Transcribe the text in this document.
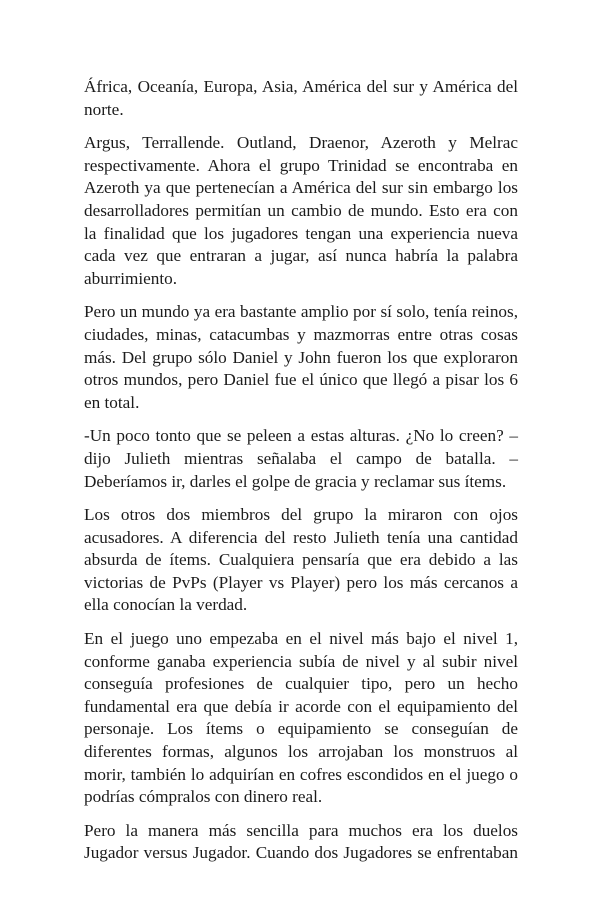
África, Oceanía, Europa, Asia, América del sur y América del norte.

Argus, Terrallende. Outland, Draenor, Azeroth y Melrac respectivamente. Ahora el grupo Trinidad se encontraba en Azeroth ya que pertenecían a América del sur sin embargo los desarrolladores permitían un cambio de mundo. Esto era con la finalidad que los jugadores tengan una experiencia nueva cada vez que entraran a jugar, así nunca habría la palabra aburrimiento.

Pero un mundo ya era bastante amplio por sí solo, tenía reinos, ciudades, minas, catacumbas y mazmorras entre otras cosas más. Del grupo sólo Daniel y John fueron los que exploraron otros mundos, pero Daniel fue el único que llegó a pisar los 6 en total.

-Un poco tonto que se peleen a estas alturas. ¿No lo creen? –dijo Julieth mientras señalaba el campo de batalla. –Deberíamos ir, darles el golpe de gracia y reclamar sus ítems.

Los otros dos miembros del grupo la miraron con ojos acusadores. A diferencia del resto Julieth tenía una cantidad absurda de ítems. Cualquiera pensaría que era debido a las victorias de PvPs (Player vs Player) pero los más cercanos a ella conocían la verdad.

En el juego uno empezaba en el nivel más bajo el nivel 1, conforme ganaba experiencia subía de nivel y al subir nivel conseguía profesiones de cualquier tipo, pero un hecho fundamental era que debía ir acorde con el equipamiento del personaje. Los ítems o equipamiento se conseguían de diferentes formas, algunos los arrojaban los monstruos al morir, también lo adquirían en cofres escondidos en el juego o podrías cómpralos con dinero real.

Pero la manera más sencilla para muchos era los duelos Jugador versus Jugador. Cuando dos Jugadores se enfrentaban
